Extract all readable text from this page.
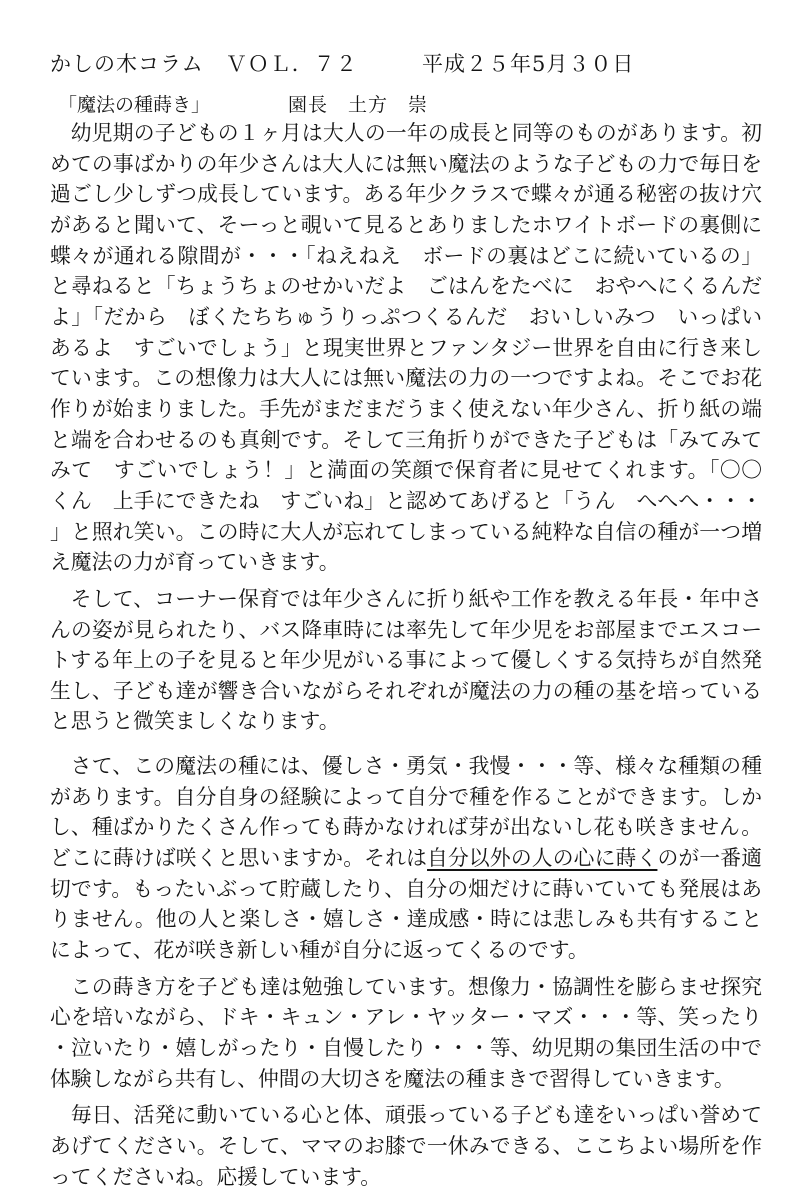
かしの木コラム　ＶＯＬ．７２	平成２５年5月３０日
「魔法の種蒔き」	園長　土方　崇

幼児期の子どもの１ヶ月は大人の一年の成長と同等のものがあります。初めての事ばかりの年少さんは大人には無い魔法のような子どもの力で毎日を過ごし少しずつ成長しています。ある年少クラスで蝶々が通る秘密の抜け穴があると聞いて、そーっと覗いて見るとありましたホワイトボードの裏側に蝶々が通れる隙間が・・・「ねえねえ　ボードの裏はどこに続いているの」と尋ねると「ちょうちょのせかいだよ　ごはんをたべに　おやへにくるんだよ」「だから　ぼくたちちゅうりっぷつくるんだ　おいしいみつ　いっぱいあるよ　すごいでしょう」と現実世界とファンタジー世界を自由に行き来しています。この想像力は大人には無い魔法の力の一つですよね。そこでお花作りが始まりました。手先がまだまだうまく使えない年少さん、折り紙の端と端を合わせるのも真剣です。そして三角折りができた子どもは「みてみてみて　すごいでしょう！」と満面の笑顔で保育者に見せてくれます。「〇〇くん　上手にできたね　すごいね」と認めてあげると「うん　へへへ・・・」と照れ笑い。この時に大人が忘れてしまっている純粋な自信の種が一つ増え魔法の力が育っていきます。

そして、コーナー保育では年少さんに折り紙や工作を教える年長・年中さんの姿が見られたり、バス降車時には率先して年少児をお部屋までエスコートする年上の子を見ると年少児がいる事によって優しくする気持ちが自然発生し、子ども達が響き合いながらそれぞれが魔法の力の種の基を培っていると思うと微笑ましくなります。

さて、この魔法の種には、優しさ・勇気・我慢・・・等、様々な種類の種があります。自分自身の経験によって自分で種を作ることができます。しかし、種ばかりたくさん作っても蒔かなければ芽が出ないし花も咲きません。どこに蒔けば咲くと思いますか。それは自分以外の人の心に蒔くのが一番適切です。もったいぶって貯蔵したり、自分の畑だけに蒔いていても発展はありません。他の人と楽しさ・嬉しさ・達成感・時には悲しみも共有することによって、花が咲き新しい種が自分に返ってくるのです。

この蒔き方を子ども達は勉強しています。想像力・協調性を膨らませ探究心を培いながら、ドキ・キュン・アレ・ヤッター・マズ・・・等、笑ったり・泣いたり・嬉しがったり・自慢したり・・・等、幼児期の集団生活の中で体験しながら共有し、仲間の大切さを魔法の種まきで習得していきます。

毎日、活発に動いている心と体、頑張っている子ども達をいっぱい誉めてあげてください。そして、ママのお膝で一休みできる、ここちよい場所を作ってくださいね。応援しています。
